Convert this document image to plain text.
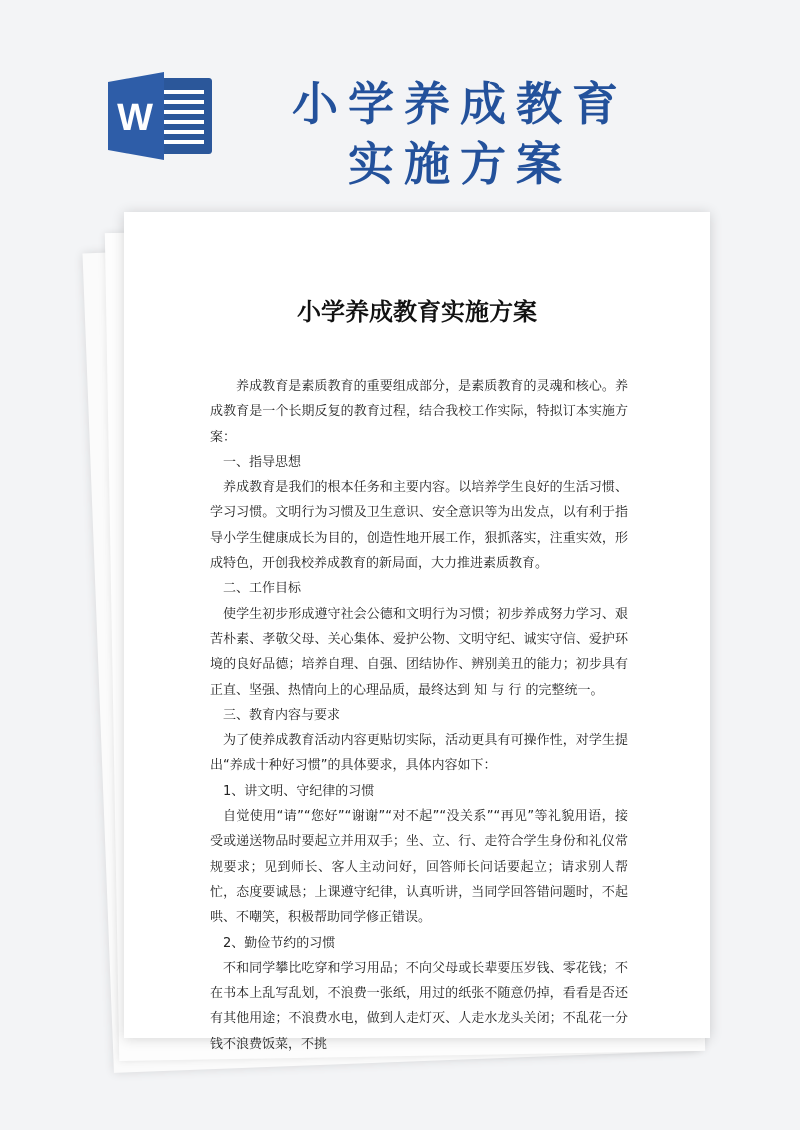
W	小学养成教育
实施方案
小学养成教育实施方案

养成教育是素质教育的重要组成部分，是素质教育的灵魂和核心。养成教育是一个长期反复的教育过程，结合我校工作实际，特拟订本实施方案：

一、指导思想

养成教育是我们的根本任务和主要内容。以培养学生良好的生活习惯、学习习惯。文明行为习惯及卫生意识、安全意识等为出发点，以有利于指导小学生健康成长为目的，创造性地开展工作，狠抓落实，注重实效，形成特色，开创我校养成教育的新局面，大力推进素质教育。

二、工作目标

使学生初步形成遵守社会公德和文明行为习惯；初步养成努力学习、艰苦朴素、孝敬父母、关心集体、爱护公物、文明守纪、诚实守信、爱护环境的良好品德；培养自理、自强、团结协作、辨别美丑的能力；初步具有正直、坚强、热情向上的心理品质，最终达到 知 与 行 的完整统一。

三、教育内容与要求

为了使养成教育活动内容更贴切实际，活动更具有可操作性，对学生提出“养成十种好习惯”的具体要求，具体内容如下：

1、讲文明、守纪律的习惯

自觉使用“请”“您好”“谢谢”“对不起”“没关系”“再见”等礼貌用语，接受或递送物品时要起立并用双手；坐、立、行、走符合学生身份和礼仪常规要求；见到师长、客人主动问好，回答师长问话要起立；请求别人帮忙，态度要诚恳；上课遵守纪律，认真听讲，当同学回答错问题时，不起哄、不嘲笑，积极帮助同学修正错误。

2、勤俭节约的习惯

不和同学攀比吃穿和学习用品；不向父母或长辈要压岁钱、零花钱；不在书本上乱写乱划，不浪费一张纸，用过的纸张不随意仍掉，看看是否还有其他用途；不浪费水电，做到人走灯灭、人走水龙头关闭；不乱花一分钱不浪费饭菜，不挑
